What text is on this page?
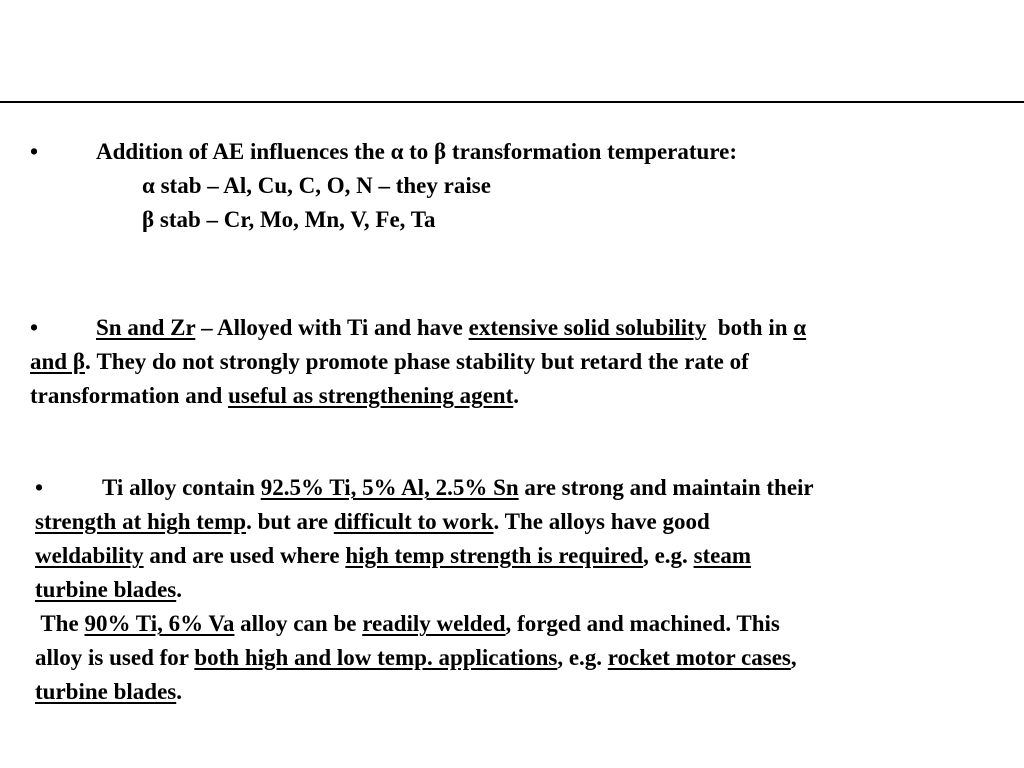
•	Addition of AE influences the α to β transformation temperature:
α stab – Al, Cu, C, O, N – they raise
β stab – Cr, Mo, Mn, V, Fe, Ta
•	Sn and Zr – Alloyed with Ti and have extensive solid solubility  both in α
and β. They do not strongly promote phase stability but retard the rate of
transformation and useful as strengthening agent.
•	Ti alloy contain 92.5% Ti, 5% Al, 2.5% Sn are strong and maintain their
strength at high temp. but are difficult to work. The alloys have good
weldability and are used where high temp strength is required, e.g. steam
turbine blades.
The 90% Ti, 6% Va alloy can be readily welded, forged and machined. This
alloy is used for both high and low temp. applications, e.g. rocket motor cases,
turbine blades.
